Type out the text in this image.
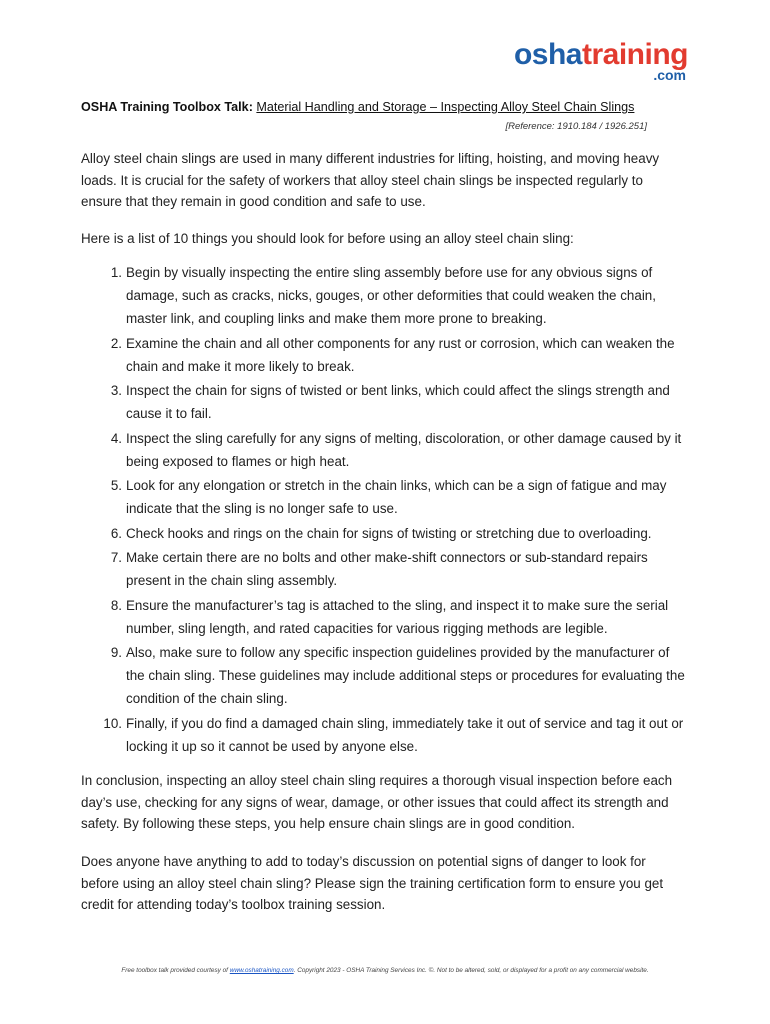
oshatraining
.com
OSHA Training Toolbox Talk: Material Handling and Storage – Inspecting Alloy Steel Chain Slings
[Reference: 1910.184 / 1926.251]

Alloy steel chain slings are used in many different industries for lifting, hoisting, and moving heavy loads. It is crucial for the safety of workers that alloy steel chain slings be inspected regularly to ensure that they remain in good condition and safe to use.

Here is a list of 10 things you should look for before using an alloy steel chain sling:

1. Begin by visually inspecting the entire sling assembly before use for any obvious signs of damage, such as cracks, nicks, gouges, or other deformities that could weaken the chain, master link, and coupling links and make them more prone to breaking.
2. Examine the chain and all other components for any rust or corrosion, which can weaken the chain and make it more likely to break.
3. Inspect the chain for signs of twisted or bent links, which could affect the slings strength and cause it to fail.
4. Inspect the sling carefully for any signs of melting, discoloration, or other damage caused by it being exposed to flames or high heat.
5. Look for any elongation or stretch in the chain links, which can be a sign of fatigue and may indicate that the sling is no longer safe to use.
6. Check hooks and rings on the chain for signs of twisting or stretching due to overloading.
7. Make certain there are no bolts and other make-shift connectors or sub-standard repairs present in the chain sling assembly.
8. Ensure the manufacturer’s tag is attached to the sling, and inspect it to make sure the serial number, sling length, and rated capacities for various rigging methods are legible.
9. Also, make sure to follow any specific inspection guidelines provided by the manufacturer of the chain sling. These guidelines may include additional steps or procedures for evaluating the condition of the chain sling.
10. Finally, if you do find a damaged chain sling, immediately take it out of service and tag it out or locking it up so it cannot be used by anyone else.

In conclusion, inspecting an alloy steel chain sling requires a thorough visual inspection before each day’s use, checking for any signs of wear, damage, or other issues that could affect its strength and safety. By following these steps, you help ensure chain slings are in good condition.

Does anyone have anything to add to today’s discussion on potential signs of danger to look for before using an alloy steel chain sling? Please sign the training certification form to ensure you get credit for attending today’s toolbox training session.

Free toolbox talk provided courtesy of www.oshatraining.com. Copyright 2023 - OSHA Training Services Inc. ©. Not to be altered, sold, or displayed for a profit on any commercial website.
